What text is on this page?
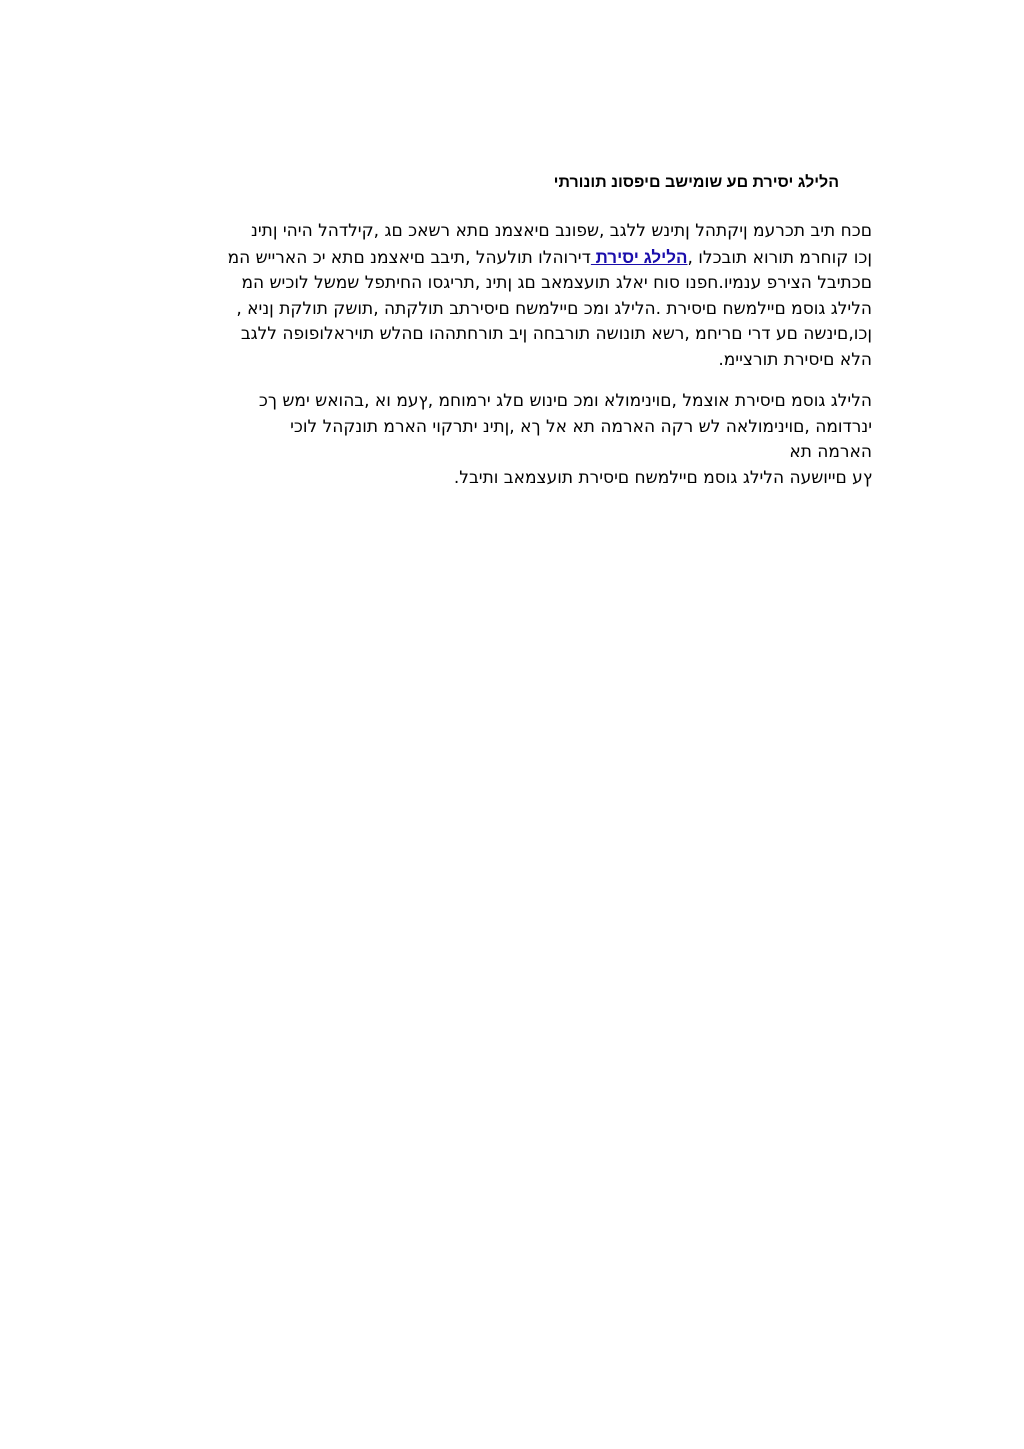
הלילג יסירת םע שומישב םיפסונ תונורתי
םכח תיב תכרעמ ןיקתהל ןתינש ללגב ,שפונב םיאצמנ םתא רשאכ םג ,קילדהל היהי ןתינ
ןכו קוחרמ תורוא תובכלו ,הלילג יסירת דירוהלו תולעהל ,תיבב םיאצמנ םתא יכ הארייש המ
םכתיבל הצירפ ענמיו.חפנו סוח יאלג תועצמאב םג ןתינ ,תריגסו החיתפל שמשל לוכיש המ
הלילג גוסמ םיילמשח םיסירת .הלילג ומכ םיילמשח םיסירתב תולקתה ,תושק תולקת ןניא ,
ןכו,םינשה םע דרי םריחמ ,רשא תונושה תורבחה ןיב תורחתההו םהלש תויראלופופה ללגב
הלא םיסירת תורציימ.
הלילג גוסמ םיסירת אוצמל ,םוינימולא ומכ םינוש םלג ירמוחמ ,ץעמ וא ,בהואש ימש ךכ
ינרדומה ,םוינימולאה לש רקה הארמה תא אל ךא ,ןתינ יתרקוי הארמ תונקהל לוכי
הארמה תא
ץע םייושעה הלילג גוסמ םיילמשח םיסירת תועצמאב ותיבל.
